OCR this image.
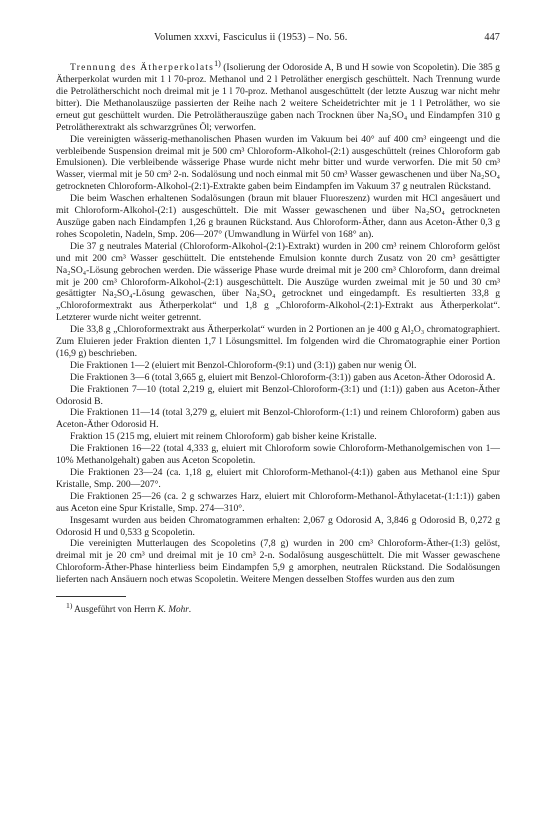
Volumen xxxvi, Fasciculus ii (1953) – No. 56.	447

Trennung des Ätherperkolats$^{1)}$ (Isolierung der Odoroside A, B und H sowie von Scopoletin). Die 385 g Ätherperkolat wurden mit 1 l 70-proz. Methanol und 2 l Petroläther energisch geschüttelt. Nach Trennung wurde die Petrolätherschicht noch dreimal mit je 1 l 70-proz. Methanol ausgeschüttelt (der letzte Auszug war nicht mehr bitter). Die Methanolauszüge passierten der Reihe nach 2 weitere Scheidetrichter mit je 1 l Petroläther, wo sie erneut gut geschüttelt wurden. Die Petrolätherauszüge gaben nach Trocknen über Na₂SO₄ und Eindampfen 310 g Petrolätherextrakt als schwarzgrünes Öl; verworfen.

Die vereinigten wässerig-methanolischen Phasen wurden im Vakuum bei 40° auf 400 cm³ eingeengt und die verbleibende Suspension dreimal mit je 500 cm³ Chloroform-Alkohol-(2:1) ausgeschüttelt (reines Chloroform gab Emulsionen). Die verbleibende wässerige Phase wurde nicht mehr bitter und wurde verworfen. Die mit 50 cm³ Wasser, viermal mit je 50 cm³ 2-n. Sodalösung und noch einmal mit 50 cm³ Wasser gewaschenen und über Na₂SO₄ getrockneten Chloroform-Alkohol-(2:1)-Extrakte gaben beim Eindampfen im Vakuum 37 g neutralen Rückstand.

Die beim Waschen erhaltenen Sodalösungen (braun mit blauer Fluoreszenz) wurden mit HCl angesäuert und mit Chloroform-Alkohol-(2:1) ausgeschüttelt. Die mit Wasser gewaschenen und über Na₂SO₄ getrockneten Auszüge gaben nach Eindampfen 1,26 g braunen Rückstand. Aus Chloroform-Äther, dann aus Aceton-Äther 0,3 g rohes Scopoletin, Nadeln, Smp. 206—207° (Umwandlung in Würfel von 168° an).

Die 37 g neutrales Material (Chloroform-Alkohol-(2:1)-Extrakt) wurden in 200 cm³ reinem Chloroform gelöst und mit 200 cm³ Wasser geschüttelt. Die entstehende Emulsion konnte durch Zusatz von 20 cm³ gesättigter Na₂SO₄-Lösung gebrochen werden. Die wässerige Phase wurde dreimal mit je 200 cm³ Chloroform, dann dreimal mit je 200 cm³ Chloroform-Alkohol-(2:1) ausgeschüttelt. Die Auszüge wurden zweimal mit je 50 und 30 cm³ gesättigter Na₂SO₄-Lösung gewaschen, über Na₂SO₄ getrocknet und eingedampft. Es resultierten 33,8 g „Chloroformextrakt aus Ätherperkolat“ und 1,8 g „Chloroform-Alkohol-(2:1)-Extrakt aus Ätherperkolat“. Letzterer wurde nicht weiter getrennt.

Die 33,8 g „Chloroformextrakt aus Ätherperkolat“ wurden in 2 Portionen an je 400 g Al₂O₃ chromatographiert. Zum Eluieren jeder Fraktion dienten 1,7 l Lösungsmittel. Im folgenden wird die Chromatographie einer Portion (16,9 g) beschrieben.

Die Fraktionen 1—2 (eluiert mit Benzol-Chloroform-(9:1) und (3:1)) gaben nur wenig Öl.

Die Fraktionen 3—6 (total 3,665 g, eluiert mit Benzol-Chloroform-(3:1)) gaben aus Aceton-Äther Odorosid A.

Die Fraktionen 7—10 (total 2,219 g, eluiert mit Benzol-Chloroform-(3:1) und (1:1)) gaben aus Aceton-Äther Odorosid B.

Die Fraktionen 11—14 (total 3,279 g, eluiert mit Benzol-Chloroform-(1:1) und reinem Chloroform) gaben aus Aceton-Äther Odorosid H.

Fraktion 15 (215 mg, eluiert mit reinem Chloroform) gab bisher keine Kristalle.

Die Fraktionen 16—22 (total 4,333 g, eluiert mit Chloroform sowie Chloroform-Methanolgemischen von 1—10% Methanolgehalt) gaben aus Aceton Scopoletin.

Die Fraktionen 23—24 (ca. 1,18 g, eluiert mit Chloroform-Methanol-(4:1)) gaben aus Methanol eine Spur Kristalle, Smp. 200—207°.

Die Fraktionen 25—26 (ca. 2 g schwarzes Harz, eluiert mit Chloroform-Methanol-Äthylacetat-(1:1:1)) gaben aus Aceton eine Spur Kristalle, Smp. 274—310°.

Insgesamt wurden aus beiden Chromatogrammen erhalten: 2,067 g Odorosid A, 3,846 g Odorosid B, 0,272 g Odorosid H und 0,533 g Scopoletin.

Die vereinigten Mutterlaugen des Scopoletins (7,8 g) wurden in 200 cm³ Chloroform-Äther-(1:3) gelöst, dreimal mit je 20 cm³ und dreimal mit je 10 cm³ 2-n. Sodalösung ausgeschüttelt. Die mit Wasser gewaschene Chloroform-Äther-Phase hinterliess beim Eindampfen 5,9 g amorphen, neutralen Rückstand. Die Sodalösungen lieferten nach Ansäuern noch etwas Scopoletin. Weitere Mengen desselben Stoffes wurden aus den zum

$^{1)}$ Ausgeführt von Herrn K. Mohr.
